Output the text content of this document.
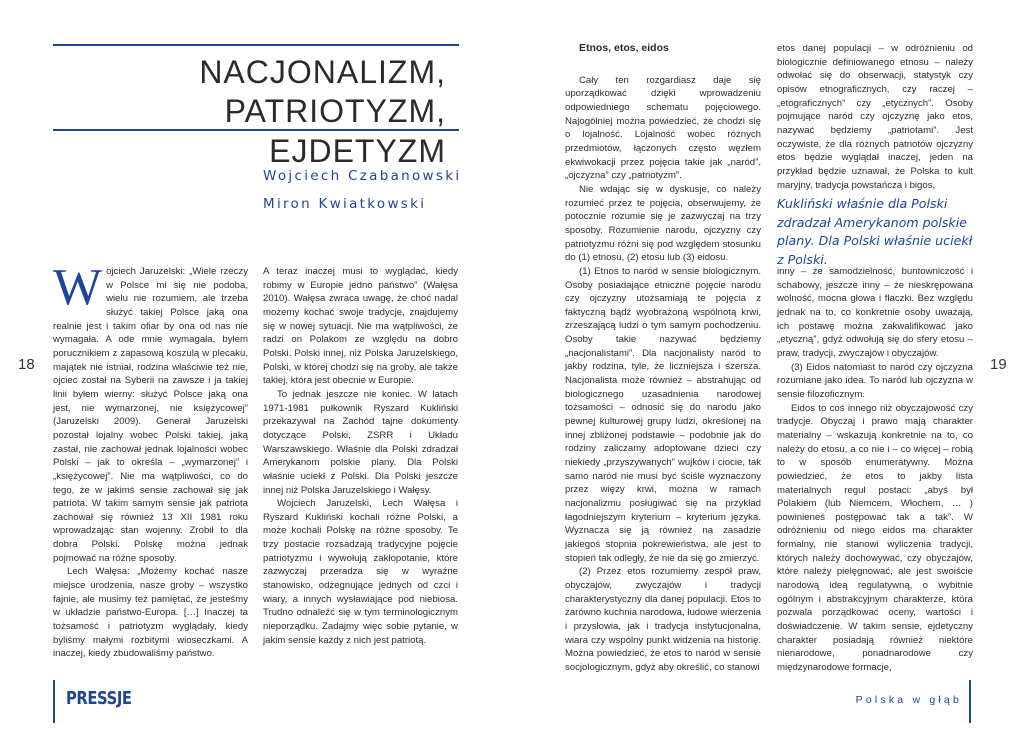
NACJONALIZM,
PATRIOTYZM, EJDETYZM
Wojciech Czabanowski
Miron Kwiatkowski

Wojciech Jaruzelski: „Wiele rzeczy w Polsce mi się nie podoba, wielu nie rozumiem, ale trzeba służyć takiej Polsce jaką ona realnie jest i takim ofiar by ona od nas nie wymagała. A ode mnie wymagała, byłem porucznikiem z zapasową koszulą w plecaku, majątek nie istniał, rodzina właściwie też nie, ojciec został na Syberii na zawsze i ja takiej linii byłem wierny: służyć Polsce jaką ona jest, nie wymarzonej, nie księżycowej” (Jaruzelski 2009). Generał Jaruzelski pozostał lojalny wobec Polski takiej, jaką zastał, nie zachował jednak lojalności wobec Polski – jak to określa – „wymarzonej” i „księżycowej”. Nie ma wątpliwości, co do tego, że w jakimś sensie zachował się jak patriota. W takim samym sensie jak patriota zachował się również 13 XII 1981 roku wprowadzając stan wojenny. Zrobił to dla dobra Polski. Polskę można jednak pojmować na różne sposoby.

Lech Wałęsa: „Możemy kochać nasze miejsce urodzenia, nasze groby – wszystko fajnie, ale musimy też pamiętać, że jesteśmy w układzie państwo-Europa. […] Inaczej ta tożsamość i patriotyzm wyglądały, kiedy byliśmy małymi rozbitymi wioseczkami. A inaczej, kiedy zbudowaliśmy państwo.

A teraz inaczej musi to wyglądać, kiedy robimy w Europie jedno państwo” (Wałęsa 2010). Wałęsa zwraca uwagę, że choć nadal możemy kochać swoje tradycje, znajdujemy się w nowej sytuacji. Nie ma wątpliwości, że radzi on Polakom ze względu na dobro Polski. Polski innej, niż Polska Jaruzelskiego, Polski, w której chodzi się na groby, ale także takiej, która jest obecnie w Europie.

To jednak jeszcze nie koniec. W latach 1971-1981 pułkownik Ryszard Kukliński przekazywał na Zachód tajne dokumenty dotyczące Polski, ZSRR i Układu Warszawskiego. Właśnie dla Polski zdradzał Amerykanom polskie plany. Dla Polski właśnie uciekł z Polski. Dla Polski jeszcze innej niż Polska Jaruzelskiego i Wałęsy.

Wojciech Jaruzelski, Lech Wałęsa i Ryszard Kukliński kochali różne Polski, a może kochali Polskę na różne sposoby. Te trzy postacie rozsadzają tradycyjne pojęcie patriotyzmu i wywołują zakłopotanie, które zazwyczaj przeradza się w wyraźne stanowisko, odżegnujące jednych od czci i wiary, a innych wysławiające pod niebiosa. Trudno odnaleźć się w tym terminologicznym nieporządku. Zadajmy więc sobie pytanie, w jakim sensie każdy z nich jest patriotą.

18	19

Etnos, etos, eidos

Cały ten rozgardiasz daje się uporządkować dzięki wprowadzeniu odpowiedniego schematu pojęciowego. Najogólniej można powiedzieć, że chodzi się o lojalność. Lojalność wobec różnych przedmiotów, łączonych często węzłem ekwiwokacji przez pojęcia takie jak „naród”, „ojczyzna” czy „patriotyzm”.

Nie wdając się w dyskusje, co należy rozumieć przez te pojęcia, obserwujemy, że potocznie rozumie się je zazwyczaj na trzy sposoby. Rozumienie narodu, ojczyzny czy patriotyzmu różni się pod względem stosunku do (1) etnosu, (2) etosu lub (3) eidosu.

(1) Etnos to naród w sensie biologicznym. Osoby posiadające etniczne pojęcie narodu czy ojczyzny utożsamiają te pojęcia z faktyczną bądź wyobrażoną wspólnotą krwi, zrzeszającą ludzi o tym samym pochodzeniu. Osoby takie nazywać będziemy „nacjonalistami”. Dla nacjonalisty naród to jakby rodzina, tyle, że liczniejsza i szersza. Nacjonalista może również – abstrahując od biologicznego uzasadnienia narodowej tożsamości – odnosić się do narodu jako pewnej kulturowej grupy ludzi, określonej na innej zbliżonej podstawie – podobnie jak do rodziny zaliczamy adoptowane dzieci czy niekiedy „przyszywanych” wujków i ciocie, tak samo naród nie musi być ściśle wyznaczony przez więzy krwi, można w ramach nacjonalizmu posługiwać się na przykład łagodniejszym kryterium – kryterium języka. Wyznacza się ją również na zasadzie jakiegoś stopnia pokrewieństwa, ale jest to stopień tak odległy, że nie da się go zmierzyć.

(2) Przez etos rozumiemy zespół praw, obyczajów, zwyczajów i tradycji charakterystyczny dla danej populacji. Etos to zarówno kuchnia narodowa, ludowe wierzenia i przysłowia, jak i tradycja instytucjonalna, wiara czy wspólny punkt widzenia na historię. Można powiedzieć, że etos to naród w sensie socjologicznym, gdyż aby określić, co stanowi

etos danej populacji – w odróżnieniu od biologicznie definiowanego etnosu – należy odwołać się do obserwacji, statystyk czy opisów etnograficznych, czy raczej – „etograficznych” czy „etycznych”. Osoby pojmujące naród czy ojczyznę jako etos, nazywać będziemy „patriotami”. Jest oczywiste, że dla różnych patriotów ojczyzny etos będzie wyglądał inaczej, jeden na przykład będzie uznawał, że Polska to kult maryjny, tradycja powstańcza i bigos,

Kukliński właśnie dla Polski zdradzał Amerykanom polskie plany. Dla Polski właśnie uciekł z Polski.

inny – że samodzielność, buntowniczość i schabowy, jeszcze inny – że nieskrępowana wolność, mocna głowa i flaczki. Bez względu jednak na to, co konkretnie osoby uważają, ich postawę można zakwalifikować jako „etyczną”, gdyż odwołują się do sfery etosu – praw, tradycji, zwyczajów i obyczajów.

(3) Eidos natomiast to naród czy ojczyzna rozumiane jako idea. To naród lub ojczyzna w sensie filozoficznym.

Eidos to coś innego niż obyczajowość czy tradycje. Obyczaj i prawo mają charakter materialny – wskazują konkretnie na to, co należy do etosu, a co nie i – co więcej – robią to w sposób enumeratywny. Można powiedzieć, że etos to jakby lista materialnych reguł postaci: „abyś był Polakiem (lub Niemcem, Włochem, … ) powinieneś postępować tak a tak”. W odróżnieniu od niego eidos ma charakter formalny, nie stanowi wyliczenia tradycji, których należy dochowywać, czy obyczajów, które należy pielęgnować, ale jest swoiście narodową ideą regulatywną, o wybitnie ogólnym i abstrakcyjnym charakterze, która pozwala porządkować oceny, wartości i doświadczenie. W takim sensie, ejdetyczny charakter posiadają również niektóre nienarodowe, ponadnarodowe czy międzynarodowe formacje,

PRESSJE	Polska w głąb
